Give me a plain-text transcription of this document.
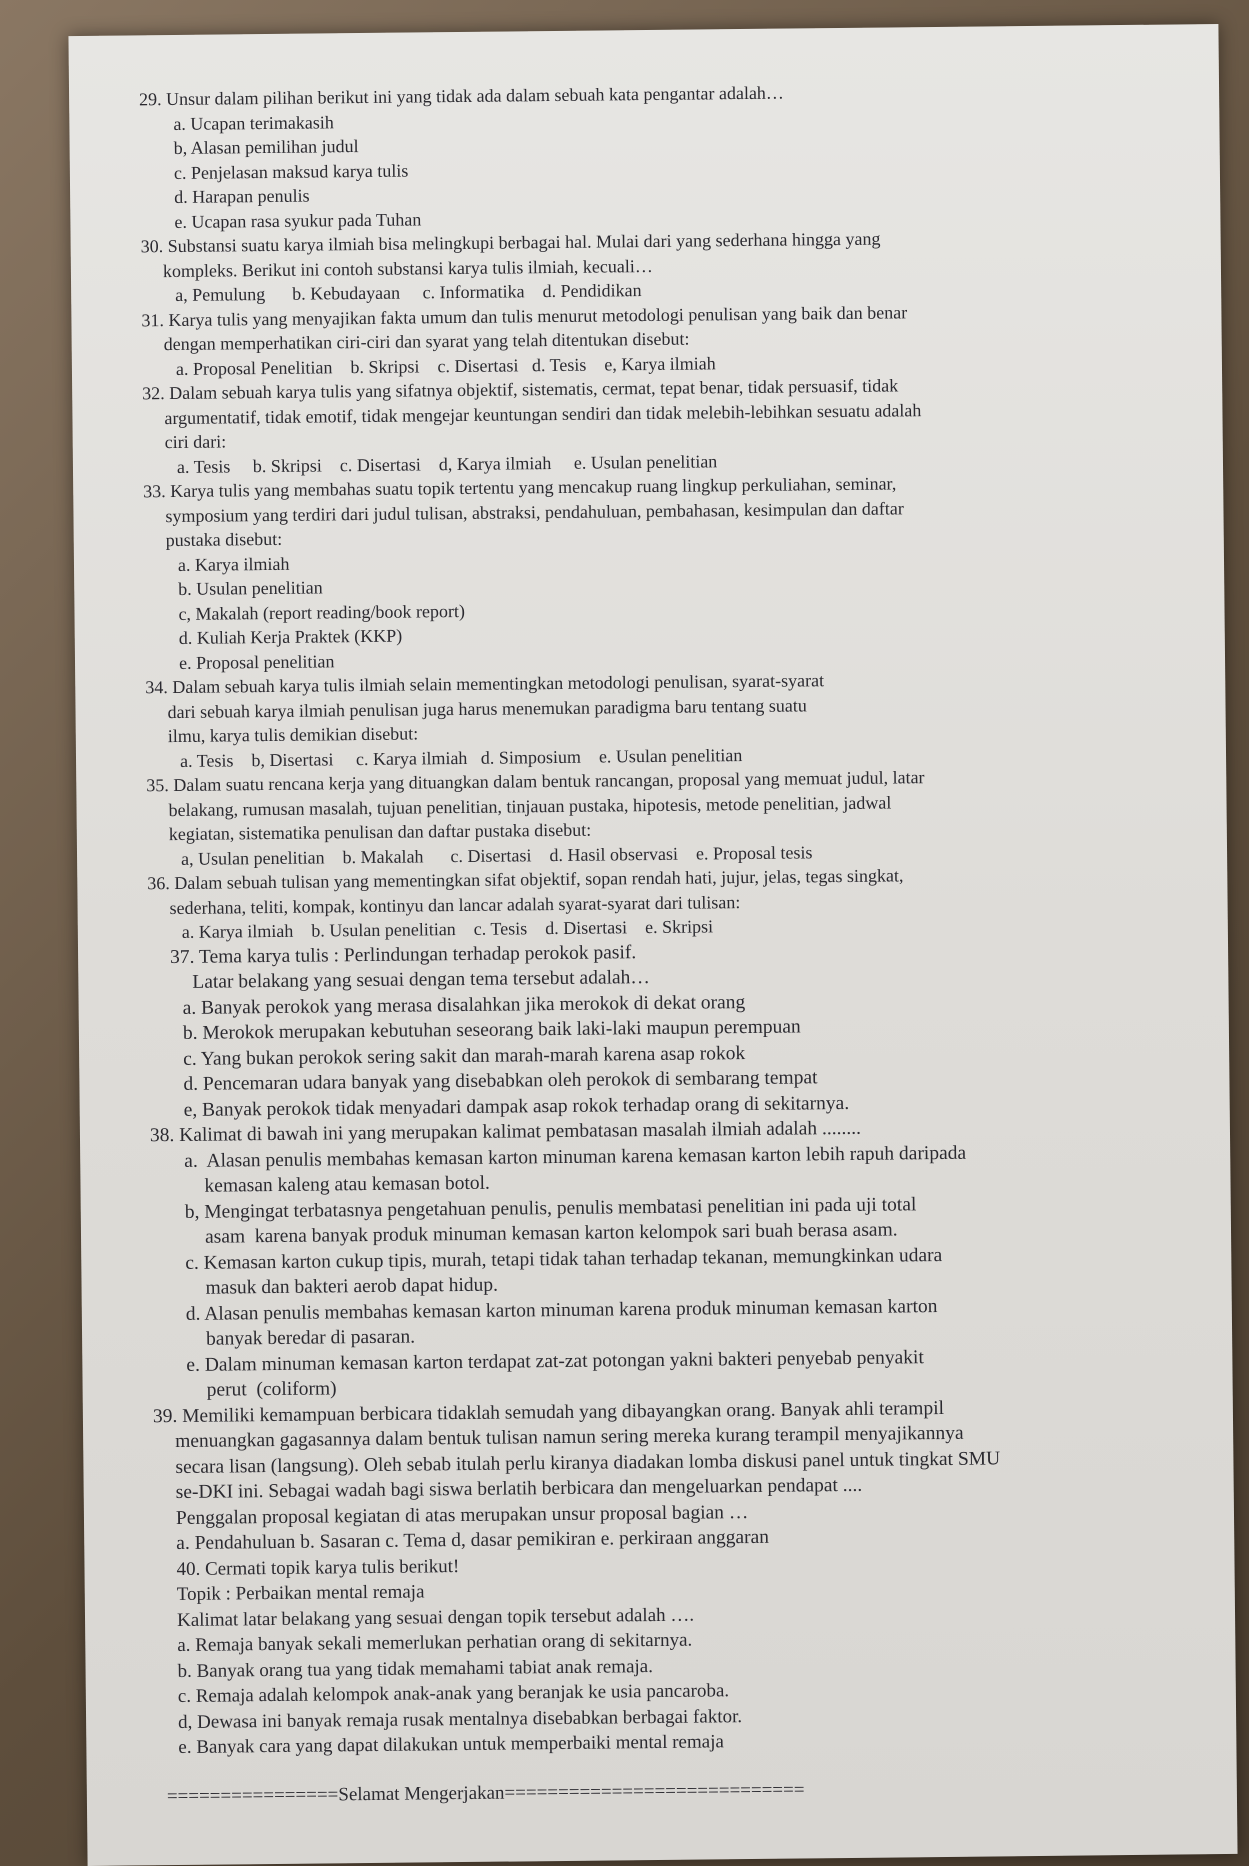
29. Unsur dalam pilihan berikut ini yang tidak ada dalam sebuah kata pengantar adalah…

a. Ucapan terimakasih

b, Alasan pemilihan judul

c. Penjelasan maksud karya tulis

d. Harapan penulis

e. Ucapan rasa syukur pada Tuhan

30. Substansi suatu karya ilmiah bisa melingkupi berbagai hal. Mulai dari yang sederhana hingga yang

kompleks. Berikut ini contoh substansi karya tulis ilmiah, kecuali…

a, Pemulung      b. Kebudayaan     c. Informatika    d. Pendidikan

31. Karya tulis yang menyajikan fakta umum dan tulis menurut metodologi penulisan yang baik dan benar

dengan memperhatikan ciri-ciri dan syarat yang telah ditentukan disebut:

a. Proposal Penelitian    b. Skripsi    c. Disertasi   d. Tesis    e, Karya ilmiah

32. Dalam sebuah karya tulis yang sifatnya objektif, sistematis, cermat, tepat benar, tidak persuasif, tidak

argumentatif, tidak emotif, tidak mengejar keuntungan sendiri dan tidak melebih-lebihkan sesuatu adalah

ciri dari:

a. Tesis     b. Skripsi    c. Disertasi    d, Karya ilmiah     e. Usulan penelitian

33. Karya tulis yang membahas suatu topik tertentu yang mencakup ruang lingkup perkuliahan, seminar,

symposium yang terdiri dari judul tulisan, abstraksi, pendahuluan, pembahasan, kesimpulan dan daftar

pustaka disebut:

a. Karya ilmiah

b. Usulan penelitian

c, Makalah (report reading/book report)

d. Kuliah Kerja Praktek (KKP)

e. Proposal penelitian

34. Dalam sebuah karya tulis ilmiah selain mementingkan metodologi penulisan, syarat-syarat

dari sebuah karya ilmiah penulisan juga harus menemukan paradigma baru tentang suatu

ilmu, karya tulis demikian disebut:

a. Tesis    b, Disertasi     c. Karya ilmiah   d. Simposium    e. Usulan penelitian

35. Dalam suatu rencana kerja yang dituangkan dalam bentuk rancangan, proposal yang memuat judul, latar

belakang, rumusan masalah, tujuan penelitian, tinjauan pustaka, hipotesis, metode penelitian, jadwal

kegiatan, sistematika penulisan dan daftar pustaka disebut:

a, Usulan penelitian    b. Makalah      c. Disertasi    d. Hasil observasi    e. Proposal tesis

36. Dalam sebuah tulisan yang mementingkan sifat objektif, sopan rendah hati, jujur, jelas, tegas singkat,

sederhana, teliti, kompak, kontinyu dan lancar adalah syarat-syarat dari tulisan:

a. Karya ilmiah    b. Usulan penelitian    c. Tesis    d. Disertasi    e. Skripsi

37. Tema karya tulis : Perlindungan terhadap perokok pasif.

Latar belakang yang sesuai dengan tema tersebut adalah…

a. Banyak perokok yang merasa disalahkan jika merokok di dekat orang

b. Merokok merupakan kebutuhan seseorang baik laki-laki maupun perempuan

c. Yang bukan perokok sering sakit dan marah-marah karena asap rokok

d. Pencemaran udara banyak yang disebabkan oleh perokok di sembarang tempat

e, Banyak perokok tidak menyadari dampak asap rokok terhadap orang di sekitarnya.

38. Kalimat di bawah ini yang merupakan kalimat pembatasan masalah ilmiah adalah ........

a.  Alasan penulis membahas kemasan karton minuman karena kemasan karton lebih rapuh daripada

kemasan kaleng atau kemasan botol.

b, Mengingat terbatasnya pengetahuan penulis, penulis membatasi penelitian ini pada uji total

asam  karena banyak produk minuman kemasan karton kelompok sari buah berasa asam.

c. Kemasan karton cukup tipis, murah, tetapi tidak tahan terhadap tekanan, memungkinkan udara

masuk dan bakteri aerob dapat hidup.

d. Alasan penulis membahas kemasan karton minuman karena produk minuman kemasan karton

banyak beredar di pasaran.

e. Dalam minuman kemasan karton terdapat zat-zat potongan yakni bakteri penyebab penyakit

perut  (coliform)

39. Memiliki kemampuan berbicara tidaklah semudah yang dibayangkan orang. Banyak ahli terampil

menuangkan gagasannya dalam bentuk tulisan namun sering mereka kurang terampil menyajikannya

secara lisan (langsung). Oleh sebab itulah perlu kiranya diadakan lomba diskusi panel untuk tingkat SMU

se-DKI ini. Sebagai wadah bagi siswa berlatih berbicara dan mengeluarkan pendapat ....

Penggalan proposal kegiatan di atas merupakan unsur proposal bagian …

a. Pendahuluan b. Sasaran c. Tema d, dasar pemikiran e. perkiraan anggaran

40. Cermati topik karya tulis berikut!

Topik : Perbaikan mental remaja

Kalimat latar belakang yang sesuai dengan topik tersebut adalah ….

a. Remaja banyak sekali memerlukan perhatian orang di sekitarnya.

b. Banyak orang tua yang tidak memahami tabiat anak remaja.

c. Remaja adalah kelompok anak-anak yang beranjak ke usia pancaroba.

d, Dewasa ini banyak remaja rusak mentalnya disebabkan berbagai faktor.

e. Banyak cara yang dapat dilakukan untuk memperbaiki mental remaja

================Selamat Mengerjakan============================
